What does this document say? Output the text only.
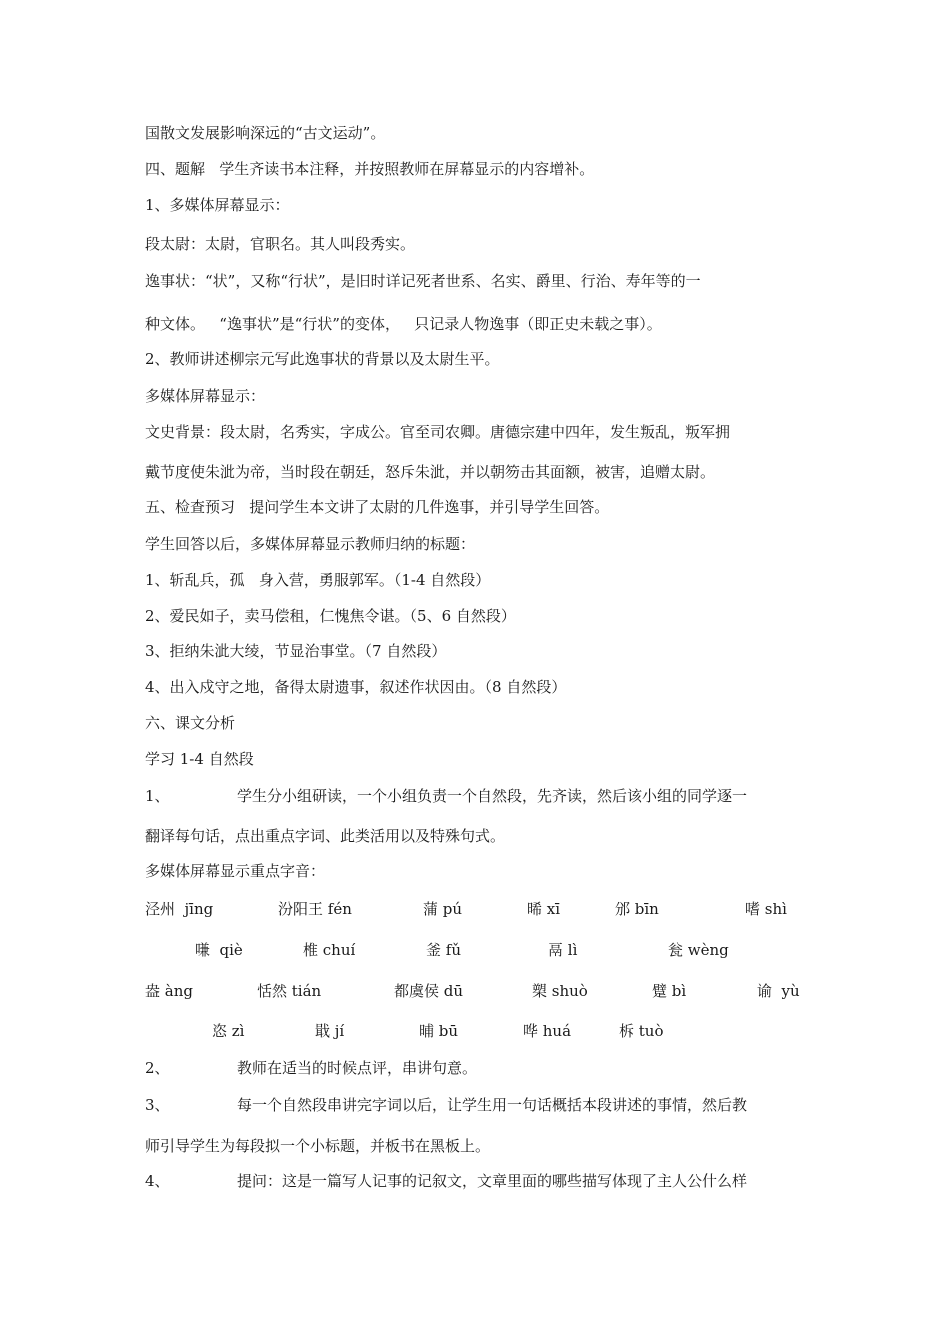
国散文发展影响深远的“古文运动”。
四、题解   学生齐读书本注释，并按照教师在屏幕显示的内容增补。
1、多媒体屏幕显示：
段太尉：太尉，官职名。其人叫段秀实。
逸事状：“状”，又称“行状”，是旧时详记死者世系、名实、爵里、行治、寿年等的一
种文体。   “逸事状”是“行状”的变体，   只记录人物逸事（即正史未载之事）。
2、教师讲述柳宗元写此逸事状的背景以及太尉生平。
多媒体屏幕显示：
文史背景：段太尉，名秀实，字成公。官至司农卿。唐德宗建中四年，发生叛乱，叛军拥
戴节度使朱泚为帝，当时段在朝廷，怒斥朱泚，并以朝笏击其面额，被害，追赠太尉。
五、检查预习   提问学生本文讲了太尉的几件逸事，并引导学生回答。
学生回答以后，多媒体屏幕显示教师归纳的标题：
1、斩乱兵，孤   身入营，勇服郭军。（1-4 自然段）
2、爱民如子，卖马偿租，仁愧焦令谌。（5、6 自然段）
3、拒纳朱泚大绫，节显治事堂。（7 自然段）
4、出入戍守之地，备得太尉遗事，叙述作状因由。（8 自然段）
六、课文分析
学习 1-4 自然段
1、	学生分小组研读，一个小组负责一个自然段，先齐读，然后该小组的同学逐一
翻译每句话，点出重点字词、此类活用以及特殊句式。
多媒体屏幕显示重点字音：
泾州  jīng	汾阳王 fén	蒲 pú	晞 xī	邠 bīn	嗜 shì
嗛  qiè	椎 chuí	釜 fǔ	鬲 lì	瓮 wèng
盎 àng	恬然 tián	都虞侯 dū	槊 shuò	躄 bì	谕  yù
恣 zì	戢 jí	晡 bū	哗 huá	柝 tuò
2、	教师在适当的时候点评，串讲句意。
3、	每一个自然段串讲完字词以后，让学生用一句话概括本段讲述的事情，然后教
师引导学生为每段拟一个小标题，并板书在黑板上。
4、	提问：这是一篇写人记事的记叙文，文章里面的哪些描写体现了主人公什么样
